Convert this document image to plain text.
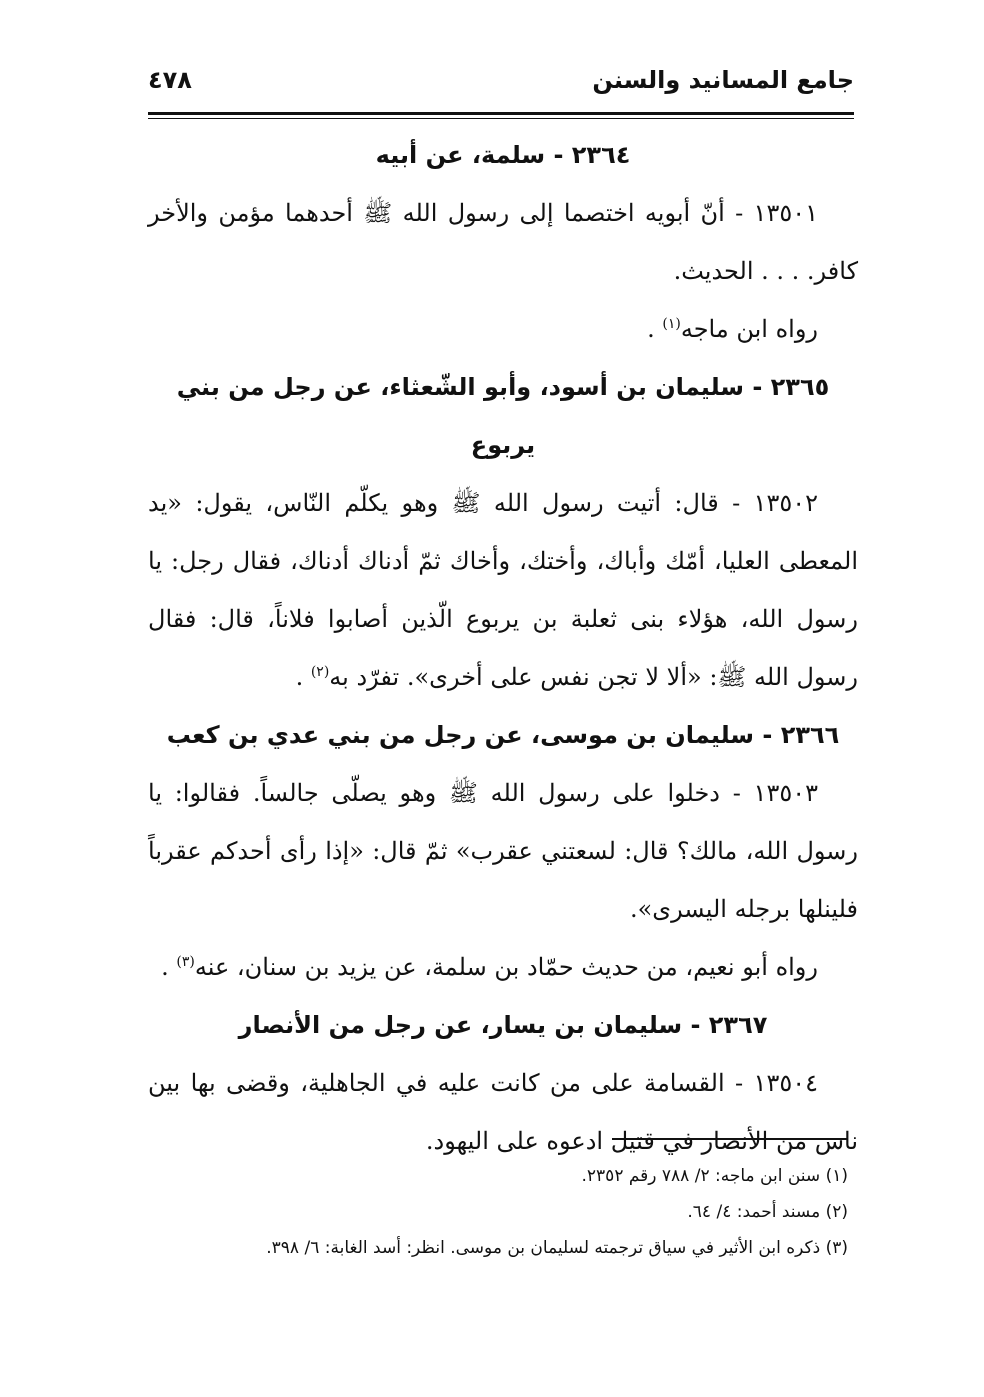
جامع المسانيد والسنن
٤٧٨
٢٣٦٤ - سلمة، عن أبيه

١٣٥٠١ - أنّ أبويه اختصما إلى رسول الله ﷺ أحدهما مؤمن والأخر كافر. . . . الحديث.

رواه ابن ماجه$^{(١)}$ .

٢٣٦٥ - سليمان بن أسود، وأبو الشّعثاء، عن رجل من بني يربوع

١٣٥٠٢ - قال: أتيت رسول الله ﷺ وهو يكلّم النّاس، يقول: «يد المعطى العليا، أمّك وأباك، وأختك، وأخاك ثمّ أدناك أدناك، فقال رجل: يا رسول الله، هؤلاء بنى ثعلبة بن يربوع الّذين أصابوا فلاناً، قال: فقال رسول الله ﷺ: «ألا لا تجن نفس على أخرى». تفرّد به$^{(٢)}$ .

٢٣٦٦ - سليمان بن موسى، عن رجل من بني عدي بن كعب

١٣٥٠٣ - دخلوا على رسول الله ﷺ وهو يصلّى جالساً. فقالوا: يا رسول الله، مالك؟ قال: لسعتني عقرب» ثمّ قال: «إذا رأى أحدكم عقرباً فلينلها برجله اليسرى».

رواه أبو نعيم، من حديث حمّاد بن سلمة، عن يزيد بن سنان، عنه$^{(٣)}$ .

٢٣٦٧ - سليمان بن يسار، عن رجل من الأنصار

١٣٥٠٤ - القسامة على من كانت عليه في الجاهلية، وقضى بها بين ناس من الأنصار في قتيل ادعوه على اليهود.

(١) سنن ابن ماجه: ٢/ ٧٨٨ رقم ٢٣٥٢.

(٢) مسند أحمد: ٤/ ٦٤.

(٣) ذكره ابن الأثير في سياق ترجمته لسليمان بن موسى. انظر: أسد الغابة: ٦/ ٣٩٨.
